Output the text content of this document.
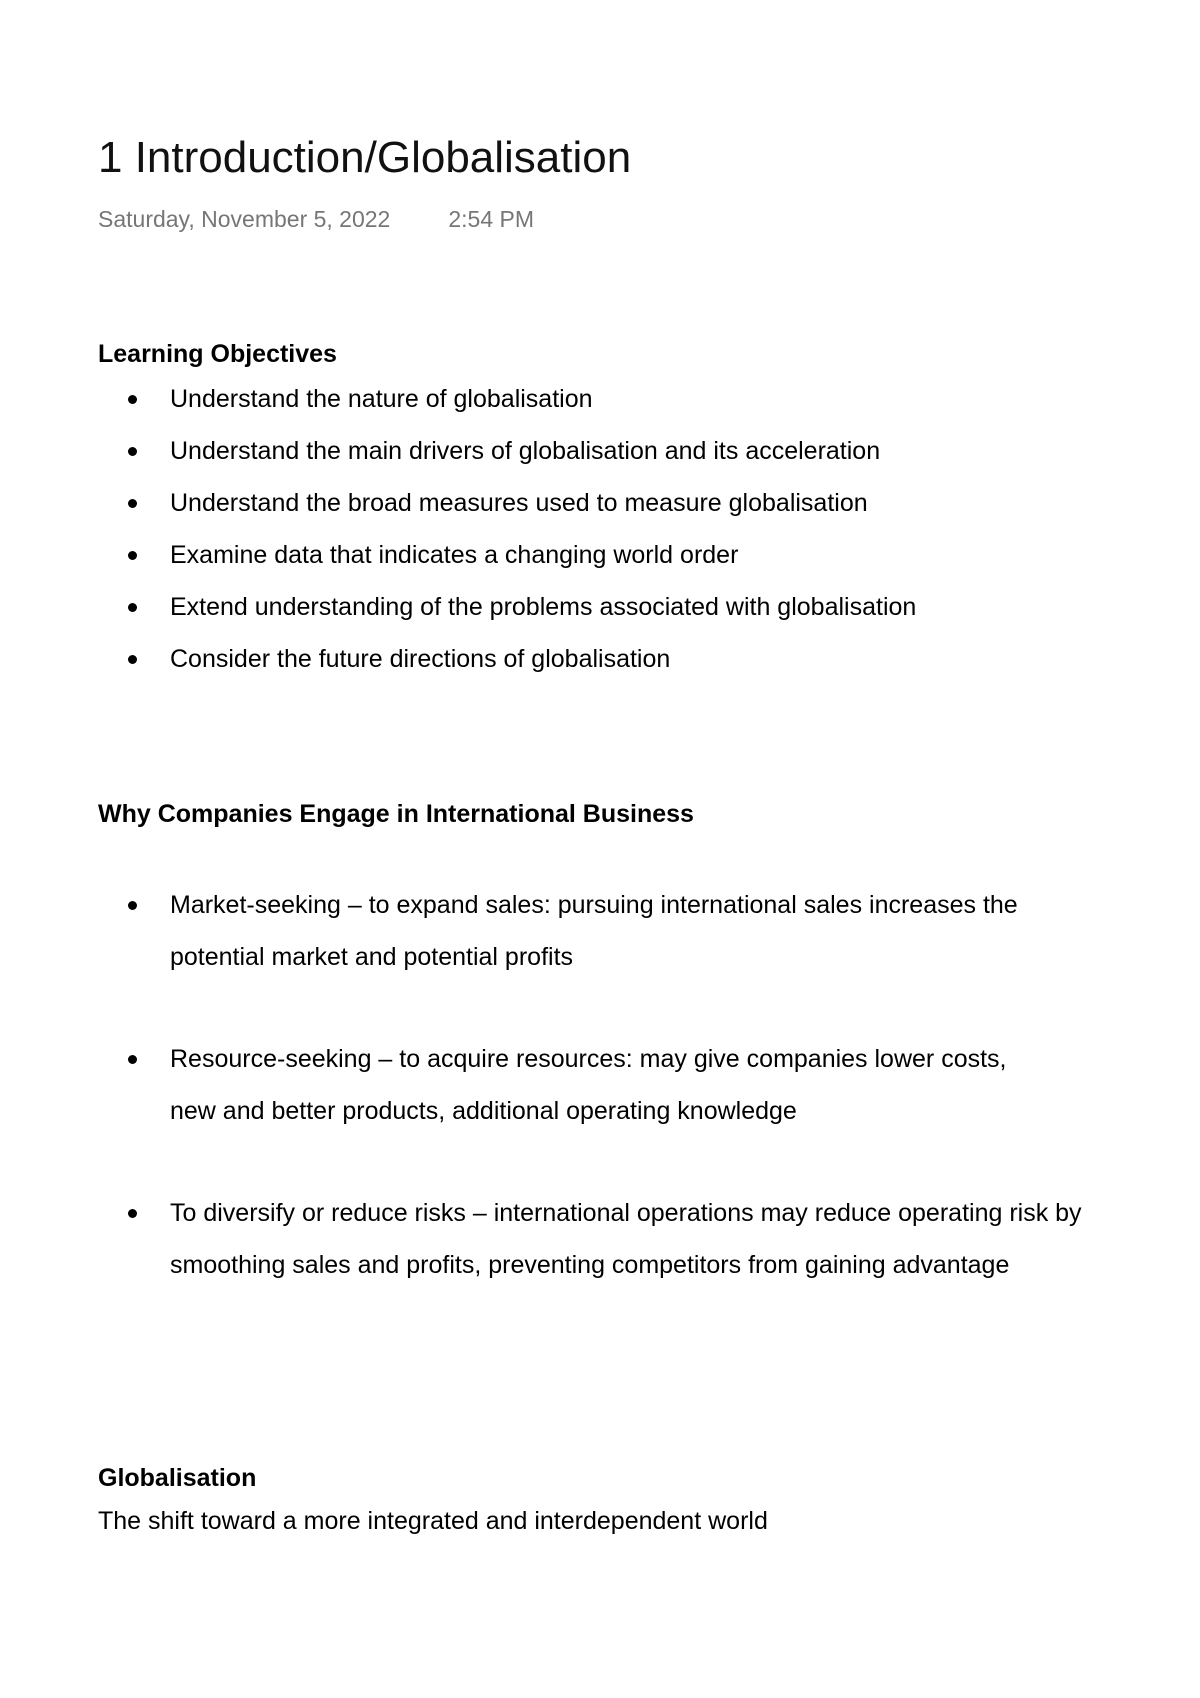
1 Introduction/Globalisation
Saturday, November 5, 2022	2:54 PM

Learning Objectives

Understand the nature of globalisation
Understand the main drivers of globalisation and its acceleration
Understand the broad measures used to measure globalisation
Examine data that indicates a changing world order
Extend understanding of the problems associated with globalisation
Consider the future directions of globalisation

Why Companies Engage in International Business

Market-seeking – to expand sales: pursuing international sales increases the potential market and potential profits
Resource-seeking – to acquire resources: may give companies lower costs, new and better products, additional operating knowledge
To diversify or reduce risks – international operations may reduce operating risk by smoothing sales and profits, preventing competitors from gaining advantage

Globalisation

The shift toward a more integrated and interdependent world
